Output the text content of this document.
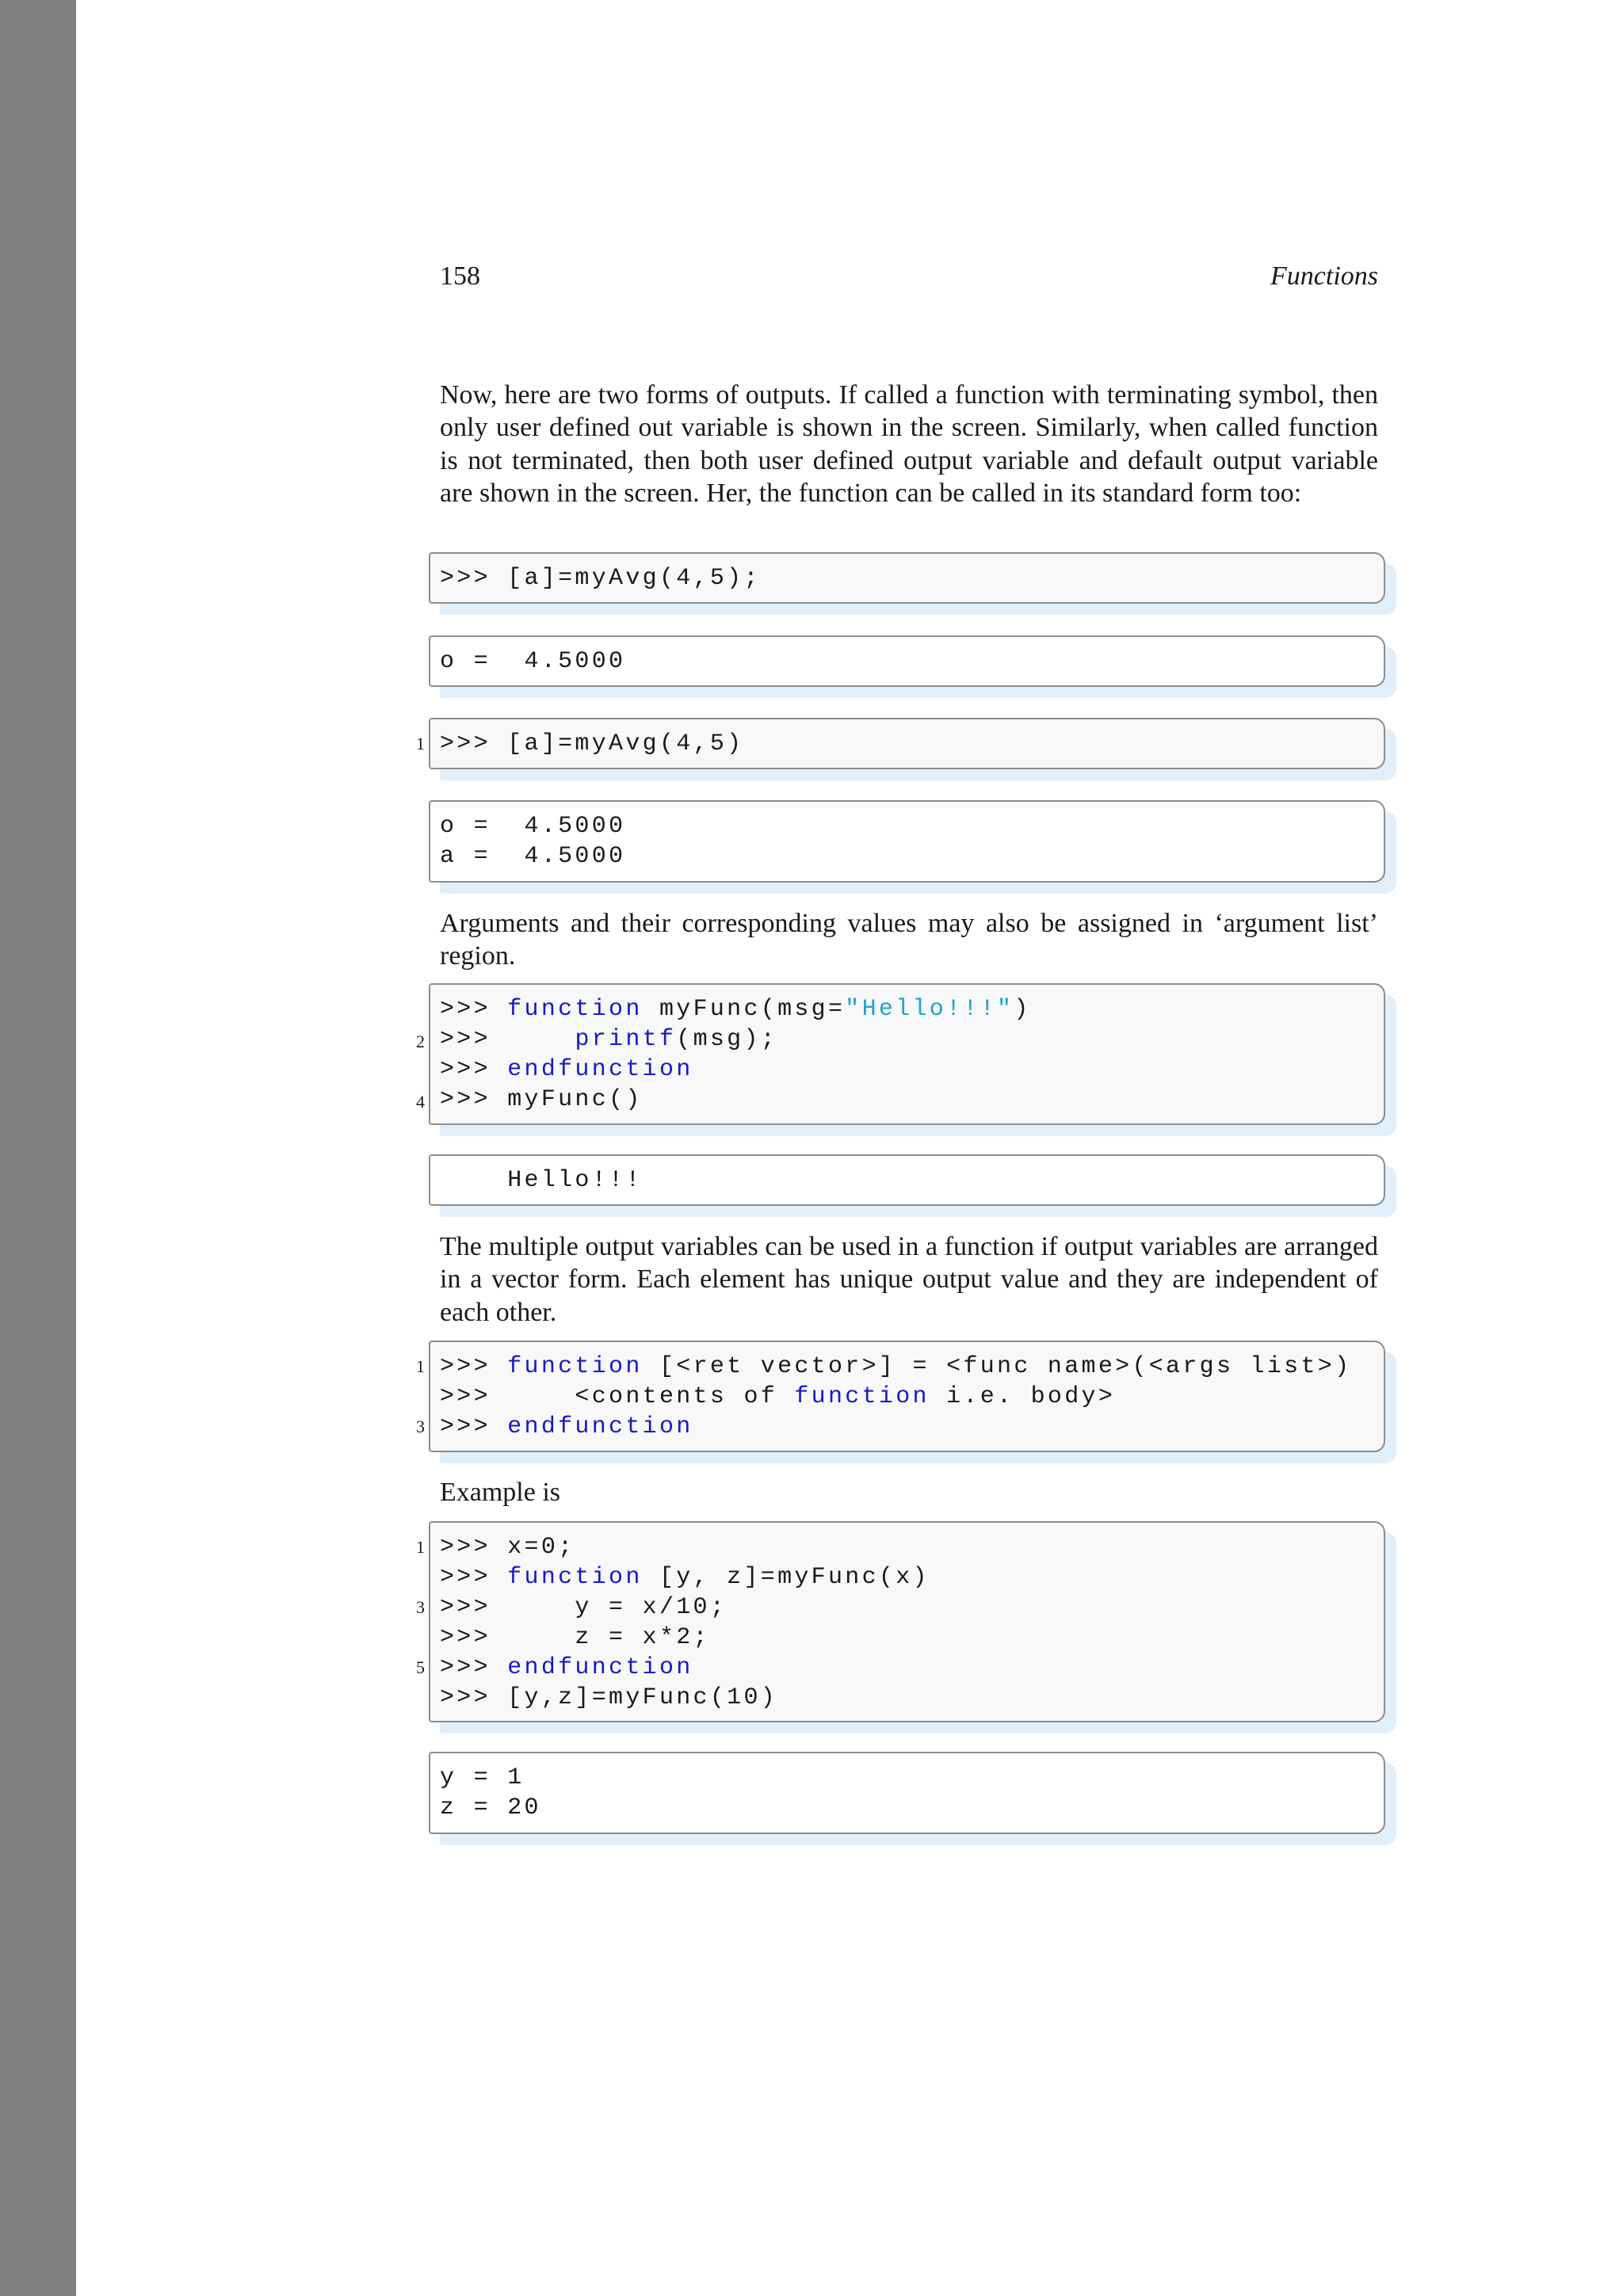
158	Functions

Now, here are two forms of outputs. If called a function with terminating symbol, then only user defined out variable is shown in the screen. Similarly, when called function is not terminated, then both user defined output variable and default output variable are shown in the screen. Her, the function can be called in its standard form too:

>>> [a]=myAvg(4,5);
o =  4.5000
1 >>> [a]=myAvg(4,5)
o =  4.5000
a =  4.5000

Arguments and their corresponding values may also be assigned in ‘argument list’ region.

2
4
>>> function myFunc(msg="Hello!!!")
>>>     printf(msg);
>>> endfunction
>>> myFunc()
Hello!!!

The multiple output variables can be used in a function if output variables are arranged in a vector form. Each element has unique output value and they are independent of each other.

1
3
>>> function [<ret vector>] = <func name>(<args list>)
>>>     <contents of function i.e. body>
>>> endfunction

Example is

1
3
5
>>> x=0;
>>> function [y, z]=myFunc(x)
>>>     y = x/10;
>>>     z = x*2;
>>> endfunction
>>> [y,z]=myFunc(10)
y = 1
z = 20
